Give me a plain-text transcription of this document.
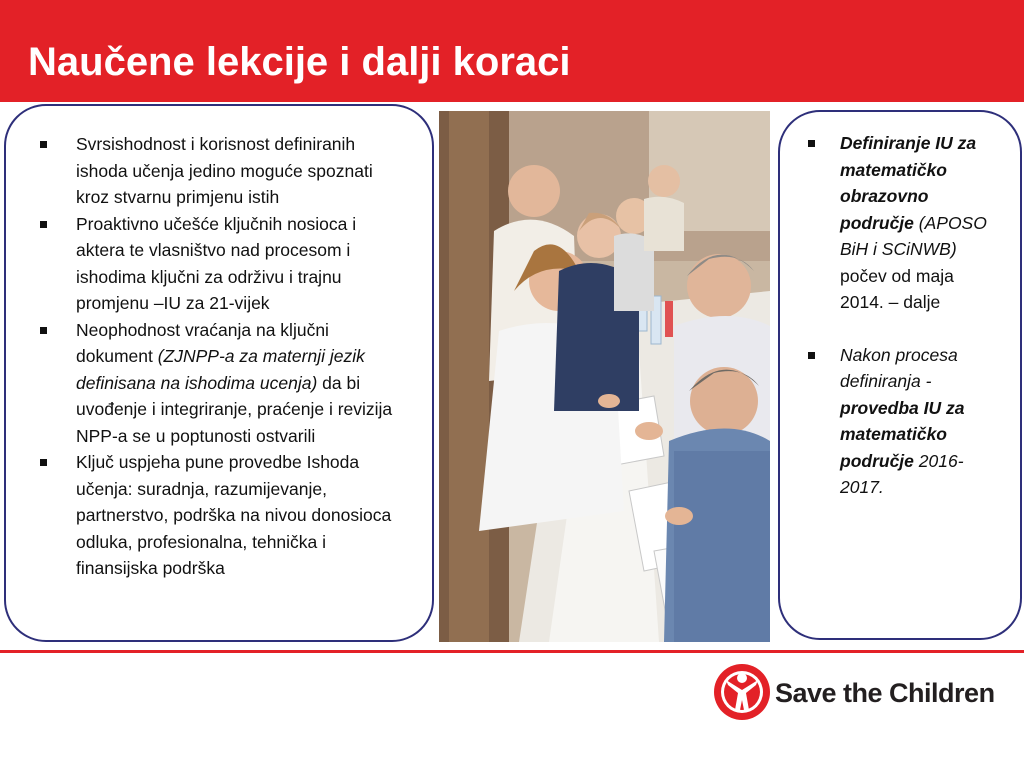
Naučene lekcije i dalji koraci
Svrsishodnost i korisnost definiranih ishoda učenja jedino moguće spoznati kroz stvarnu primjenu istih
Proaktivno učešće ključnih nosioca i aktera te vlasništvo nad procesom i ishodima ključni za održivu i trajnu promjenu –IU za 21-vijek
Neophodnost vraćanja na ključni dokument (ZJNPP-a za maternji jezik definisana na ishodima ucenja) da bi uvođenje i integriranje, praćenje i revizija NPP-a se u poptunosti ostvarili
Ključ uspjeha pune provedbe Ishoda učenja: suradnja, razumijevanje, partnerstvo, podrška na nivou donosioca odluka, profesionalna, tehnička i finansijska podrška
Definiranje IU za matematičko obrazovno područje (APOSO BiH i SCiNWB) počev od maja 2014. – dalje
Nakon procesa definiranja - provedba IU za matematičko područje 2016-2017.
Save the Children
